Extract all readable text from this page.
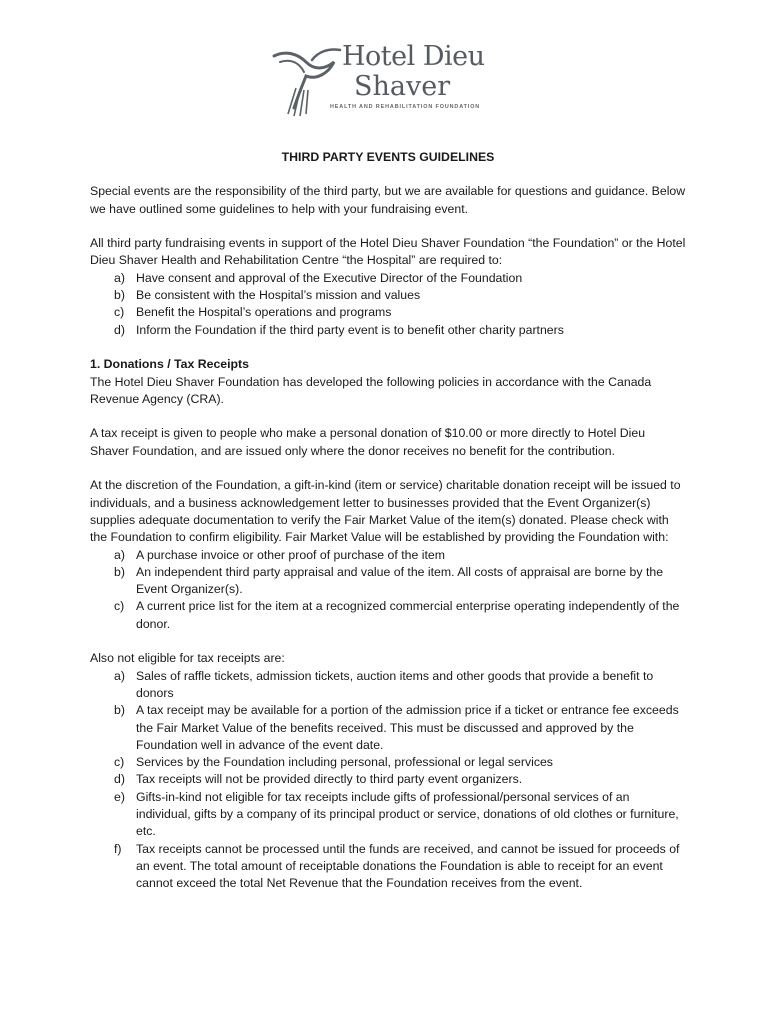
Hotel Dieu
Shaver
HEALTH AND REHABILITATION FOUNDATION

THIRD PARTY EVENTS GUIDELINES

Special events are the responsibility of the third party, but we are available for questions and guidance. Below we have outlined some guidelines to help with your fundraising event.

All third party fundraising events in support of the Hotel Dieu Shaver Foundation “the Foundation” or the Hotel Dieu Shaver Health and Rehabilitation Centre “the Hospital” are required to:

a) Have consent and approval of the Executive Director of the Foundation
b) Be consistent with the Hospital’s mission and values
c) Benefit the Hospital’s operations and programs
d) Inform the Foundation if the third party event is to benefit other charity partners

1. Donations / Tax Receipts

The Hotel Dieu Shaver Foundation has developed the following policies in accordance with the Canada Revenue Agency (CRA).

A tax receipt is given to people who make a personal donation of $10.00 or more directly to Hotel Dieu Shaver Foundation, and are issued only where the donor receives no benefit for the contribution.

At the discretion of the Foundation, a gift-in-kind (item or service) charitable donation receipt will be issued to individuals, and a business acknowledgement letter to businesses provided that the Event Organizer(s) supplies adequate documentation to verify the Fair Market Value of the item(s) donated. Please check with the Foundation to confirm eligibility. Fair Market Value will be established by providing the Foundation with:

a) A purchase invoice or other proof of purchase of the item
b) An independent third party appraisal and value of the item. All costs of appraisal are borne by the Event Organizer(s).
c) A current price list for the item at a recognized commercial enterprise operating independently of the donor.

Also not eligible for tax receipts are:

a) Sales of raffle tickets, admission tickets, auction items and other goods that provide a benefit to donors
b) A tax receipt may be available for a portion of the admission price if a ticket or entrance fee exceeds the Fair Market Value of the benefits received. This must be discussed and approved by the Foundation well in advance of the event date.
c) Services by the Foundation including personal, professional or legal services
d) Tax receipts will not be provided directly to third party event organizers.
e) Gifts-in-kind not eligible for tax receipts include gifts of professional/personal services of an individual, gifts by a company of its principal product or service, donations of old clothes or furniture, etc.
f) Tax receipts cannot be processed until the funds are received, and cannot be issued for proceeds of an event. The total amount of receiptable donations the Foundation is able to receipt for an event cannot exceed the total Net Revenue that the Foundation receives from the event.
